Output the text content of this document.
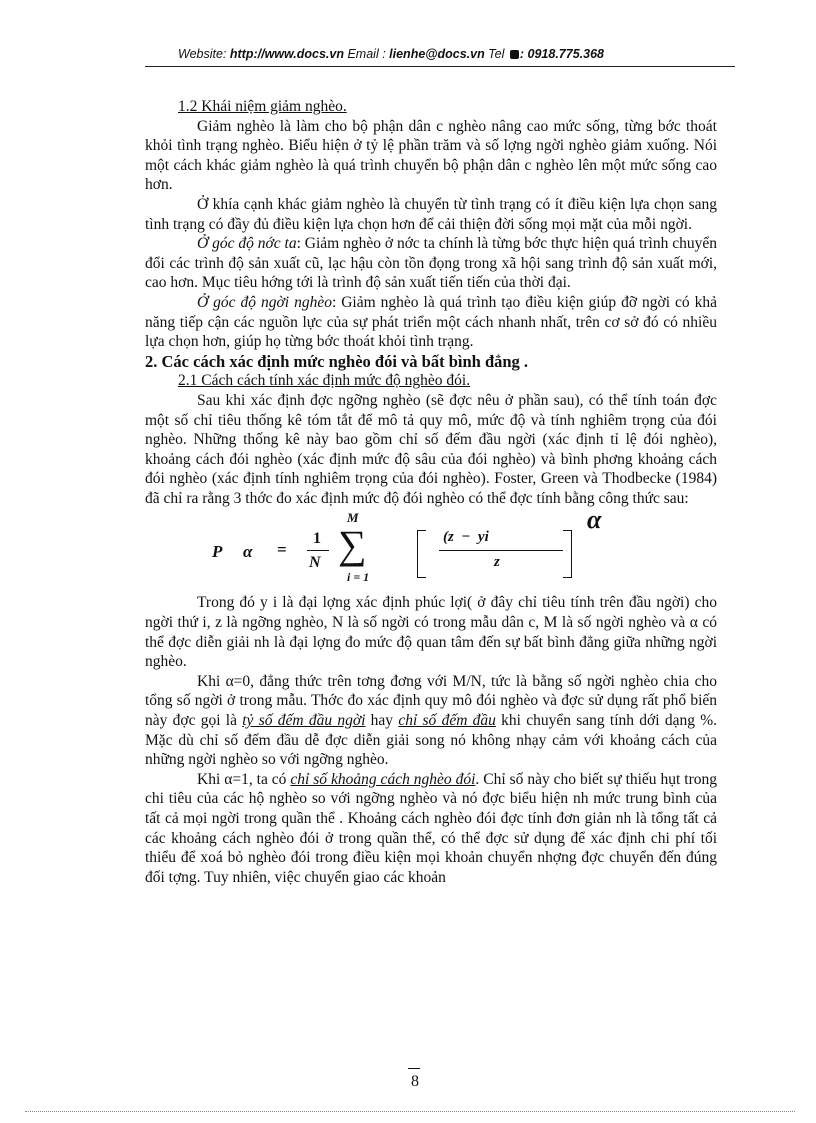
Website: http://www.docs.vn Email : lienhe@docs.vn Tel : 0918.775.368

1.2 Khái niệm giảm nghèo.

Giảm nghèo là làm cho bộ phận dân c nghèo nâng cao mức sống, từng bớc thoát khỏi tình trạng nghèo. Biểu hiện ở tỷ lệ phần trăm và số lợng ngời nghèo giảm xuống. Nói một cách khác giảm nghèo là quá trình chuyển bộ phận dân c nghèo lên một mức sống cao hơn.

Ở khía cạnh khác giảm nghèo là chuyển từ tình trạng có ít điều kiện lựa chọn sang tình trạng có đầy đủ điều kiện lựa chọn hơn để cải thiện đời sống mọi mặt của mỗi ngời.

Ở góc độ nớc ta: Giảm nghèo ở nớc ta chính là từng bớc thực hiện quá trình chuyển đổi các trình độ sản xuất cũ, lạc hậu còn tồn đọng trong xã hội sang trình độ sản xuất mới, cao hơn. Mục tiêu hớng tới là trình độ sản xuất tiến tiến của thời đại.

Ở góc độ ngời nghèo: Giảm nghèo là quá trình tạo điều kiện giúp đỡ ngời có khả năng tiếp cận các nguồn lực của sự phát triển một cách nhanh nhất, trên cơ sở đó có nhiều lựa chọn hơn, giúp họ từng bớc thoát khỏi tình trạng.

2. Các cách xác định mức nghèo đói và bất bình đẳng .

2.1 Cách cách tính xác định mức độ nghèo đói.

Sau khi xác định đợc ngỡng nghèo (sẽ đợc nêu ở phần sau), có thể tính toán đợc một số chỉ tiêu thống kê tóm tắt để mô tả quy mô, mức độ và tính nghiêm trọng của đói nghèo. Những thống kê này bao gồm chỉ số đếm đầu ngời (xác định tỉ lệ đói nghèo), khoảng cách đói nghèo (xác định mức độ sâu của đói nghèo) và bình phơng khoảng cách đói nghèo (xác định tính nghiêm trọng của đói nghèo). Foster, Green và Thodbecke (1984) đã chỉ ra rằng 3 thớc đo xác định mức độ đói nghèo có thể đợc tính bằng công thức sau:

P α =
1
N
M
∑
i = 1
(z  −  yi
z
α

Trong đó y i là đại lợng xác định phúc lợi( ở đây chỉ tiêu tính trên đầu ngời) cho ngời thứ i, z là ngỡng nghèo, N là số ngời có trong mẫu dân c, M là số ngời nghèo và α có thể đợc diễn giải nh là đại lợng đo mức độ quan tâm đến sự bất bình đẳng giữa những ngời nghèo.

Khi α=0, đẳng thức trên tơng đơng với M/N, tức là bằng số ngời nghèo chia cho tổng số ngời ở trong mẫu. Thớc đo xác định quy mô đói nghèo và đợc sử dụng rất phổ biến này đợc gọi là tỷ số đếm đầu ngời hay chỉ số đếm đầu khi chuyển sang tính dới dạng %. Mặc dù chỉ số đếm đầu dễ đợc diễn giải song nó không nhạy cảm với khoảng cách của những ngời nghèo so với ngỡng nghèo.

Khi α=1, ta có chỉ số khoảng cách nghèo đói. Chỉ số này cho biết sự thiếu hụt trong chi tiêu của các hộ nghèo so với ngỡng nghèo và nó đợc biểu hiện nh mức trung bình của tất cả mọi ngời trong quần thể . Khoảng cách nghèo đói đợc tính đơn giản nh là tổng tất cả các khoảng cách nghèo đói ở trong quần thể, có thể đợc sử dụng để xác định chi phí tối thiểu để xoá bỏ nghèo đói trong điều kiện mọi khoản chuyển nhợng đợc chuyển đến đúng đối tợng. Tuy nhiên, việc chuyển giao các khoản

8
